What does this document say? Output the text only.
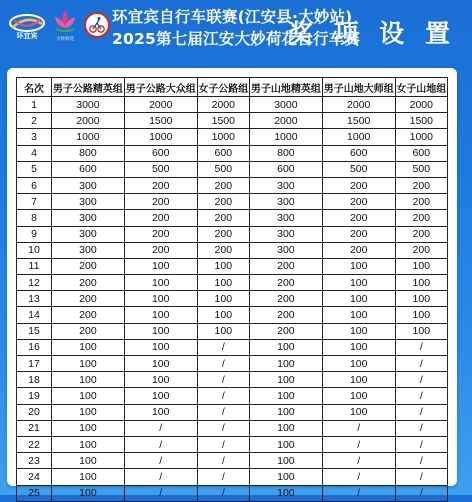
环宜宾	大妙荷花
环宜宾自行车联赛(江安县·大妙站)
2025第七届江安大妙荷花自行车赛
奖 项 设 置
名次	男子公路精英组	男子公路大众组	女子公路组	男子山地精英组	男子山地大师组	女子山地组
1	3000	2000	2000	3000	2000	2000
2	2000	1500	1500	2000	1500	1500
3	1000	1000	1000	1000	1000	1000
4	800	600	600	800	600	600
5	600	500	500	600	500	500
6	300	200	200	300	200	200
7	300	200	200	300	200	200
8	300	200	200	300	200	200
9	300	200	200	300	200	200
10	300	200	200	300	200	200
11	200	100	100	200	100	100
12	200	100	100	200	100	100
13	200	100	100	200	100	100
14	200	100	100	200	100	100
15	200	100	100	200	100	100
16	100	100	/	100	100	/
17	100	100	/	100	100	/
18	100	100	/	100	100	/
19	100	100	/	100	100	/
20	100	100	/	100	100	/
21	100	/	/	100	/	/
22	100	/	/	100	/	/
23	100	/	/	100	/	/
24	100	/	/	100	/	/
25	100	/	/	100	/	/
